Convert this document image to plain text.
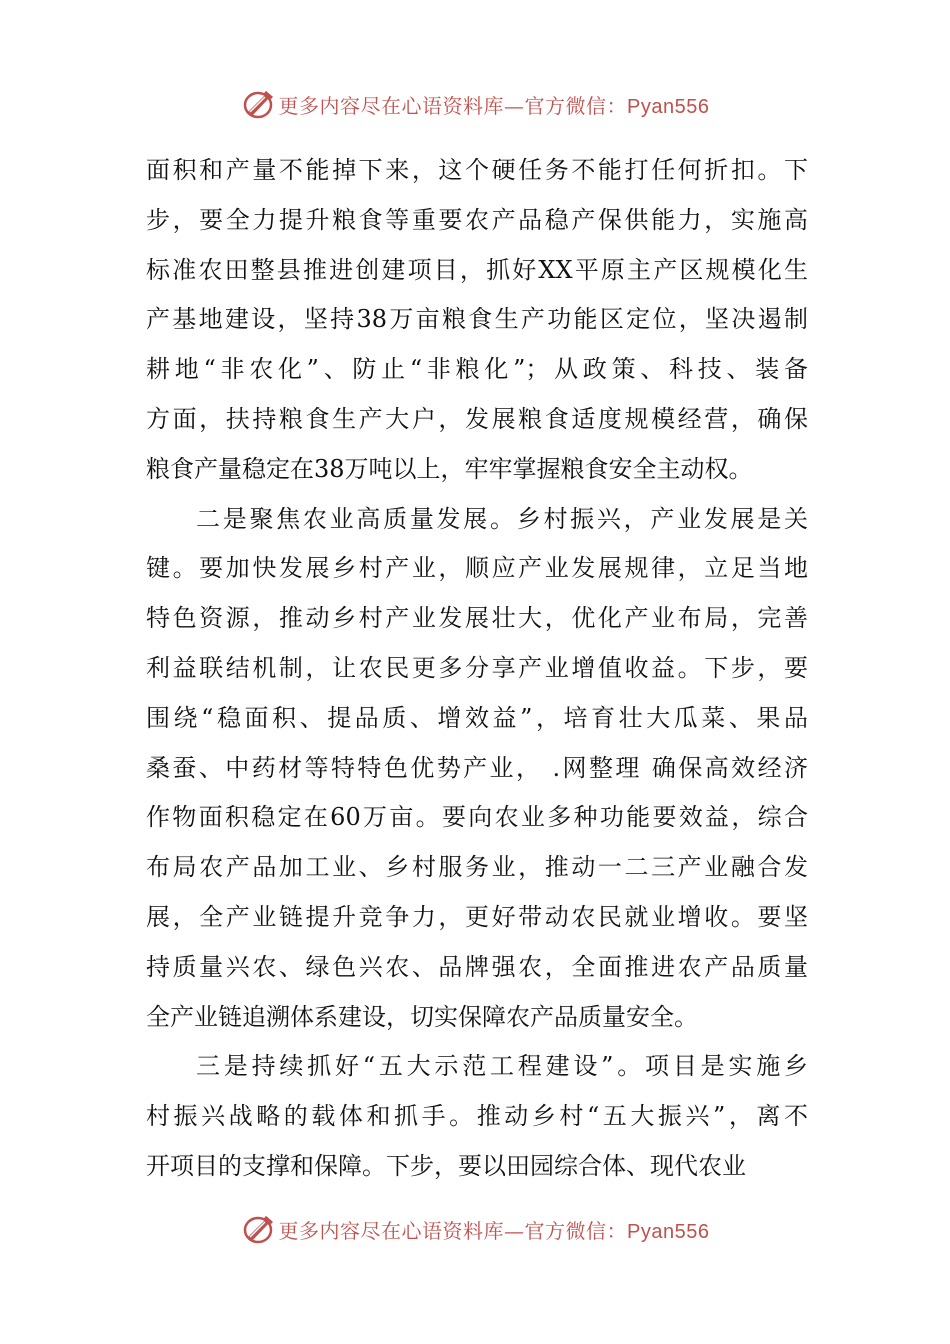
更多内容尽在心语资料库—官方微信：Pyan556
面积和产量不能掉下来，这个硬任务不能打任何折扣。下
步，要全力提升粮食等重要农产品稳产保供能力，实施高
标准农田整县推进创建项目，抓好XX平原主产区规模化生
产基地建设，坚持38万亩粮食生产功能区定位，坚决遏制
耕地“非农化”、防止“非粮化”；从政策、科技、装备
方面，扶持粮食生产大户，发展粮食适度规模经营，确保
粮食产量稳定在38万吨以上，牢牢掌握粮食安全主动权。
二是聚焦农业高质量发展。乡村振兴，产业发展是关
键。要加快发展乡村产业，顺应产业发展规律，立足当地
特色资源，推动乡村产业发展壮大，优化产业布局，完善
利益联结机制，让农民更多分享产业增值收益。下步，要
围绕“稳面积、提品质、增效益”，培育壮大瓜菜、果品
桑蚕、中药材等特特色优势产业， .网整理 确保高效经济
作物面积稳定在60万亩。要向农业多种功能要效益，综合
布局农产品加工业、乡村服务业，推动一二三产业融合发
展，全产业链提升竞争力，更好带动农民就业增收。要坚
持质量兴农、绿色兴农、品牌强农，全面推进农产品质量
全产业链追溯体系建设，切实保障农产品质量安全。
三是持续抓好“五大示范工程建设”。项目是实施乡
村振兴战略的载体和抓手。推动乡村“五大振兴”，离不
开项目的支撑和保障。下步，要以田园综合体、现代农业
更多内容尽在心语资料库—官方微信：Pyan556
